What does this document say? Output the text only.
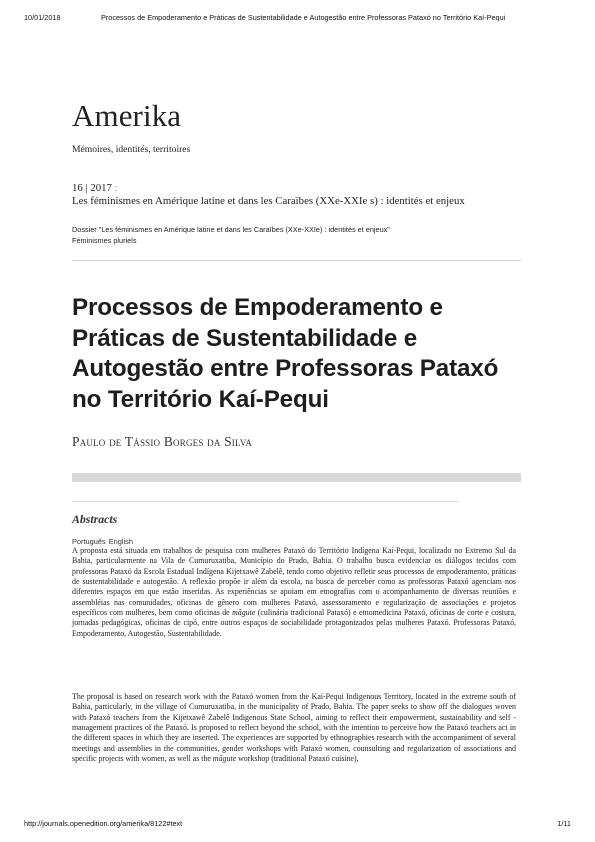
10/01/2018	Processos de Empoderamento e Práticas de Sustentabilidade e Autogestão entre Professoras Pataxó no Território Kaí-Pequi
Amerika
Mémoires, identités, territoires
16 | 2017 :
Les féminismes en Amérique latine et dans les Caraïbes (XXe-XXIe s) : identités et enjeux
Dossier "Les féminismes en Amérique latine et dans les Caraïbes (XXe-XXIe) : identités et enjeux"
Féminismes pluriels
Processos de Empoderamento e Práticas de Sustentabilidade e Autogestão entre Professoras Pataxó no Território Kaí-Pequi
Paulo de Tássio Borges da Silva
Abstracts
Português English

A proposta está situada em trabalhos de pesquisa com mulheres Pataxó do Território Indígena Kaí-Pequi, localizado no Extremo Sul da Bahia, particularmente na Vila de Cumuruxatiba, Município do Prado, Bahia. O trabalho busca evidenciar os diálogos tecidos com professoras Pataxó da Escola Estadual Indígena Kijetxawê Zabelê, tendo como objetivo refletir seus processos de empoderamento, práticas de sustentabilidade e autogestão. A reflexão propõe ir além da escola, na busca de perceber como as professoras Pataxó agenciam nos diferentes espaços em que estão inseridas. As experiências se apoiam em etnografias com o acompanhamento de diversas reuniões e assembléias nas comunidades, oficinas de gênero com mulheres Pataxó, assessoramento e regularização de associações e projetos específicos com mulheres, bem como oficinas de mãgute (culinária tradicional Pataxó) e etnomedicina Pataxó, oficinas de corte e costura, jornadas pedagógicas, oficinas de cipó, entre outros espaços de sociabilidade protagonizados pelas mulheres Pataxó. Professoras Pataxó, Empoderamento, Autogestão, Sustentabilidade.

The proposal is based on research work with the Pataxó women from the Kaí-Pequi Indigenous Territory, located in the extreme south of Bahia, particularly, in the village of Cumuruxatiba, in the municipality of Prado, Bahia. The paper seeks to show off the dialogues woven with Pataxó teachers from the Kijetxawê Zabelê Indigenous State School, aiming to reflect their empowerment, sustainability and self - management practices of the Pataxó. Is proposed to reflect beyond the school, with the intention to perceive how the Pataxó teachers act in the different spaces in which they are inserted. The experiences are supported by ethnographies research with the accompaniment of several meetings and assemblies in the communities, gender workshops with Pataxó women, counsulting and regularization of associations and specific projects with women, as well as the mãgute workshop (traditional Pataxó cuisine),

http://journals.openedition.org/amerika/8122#text	1/11
